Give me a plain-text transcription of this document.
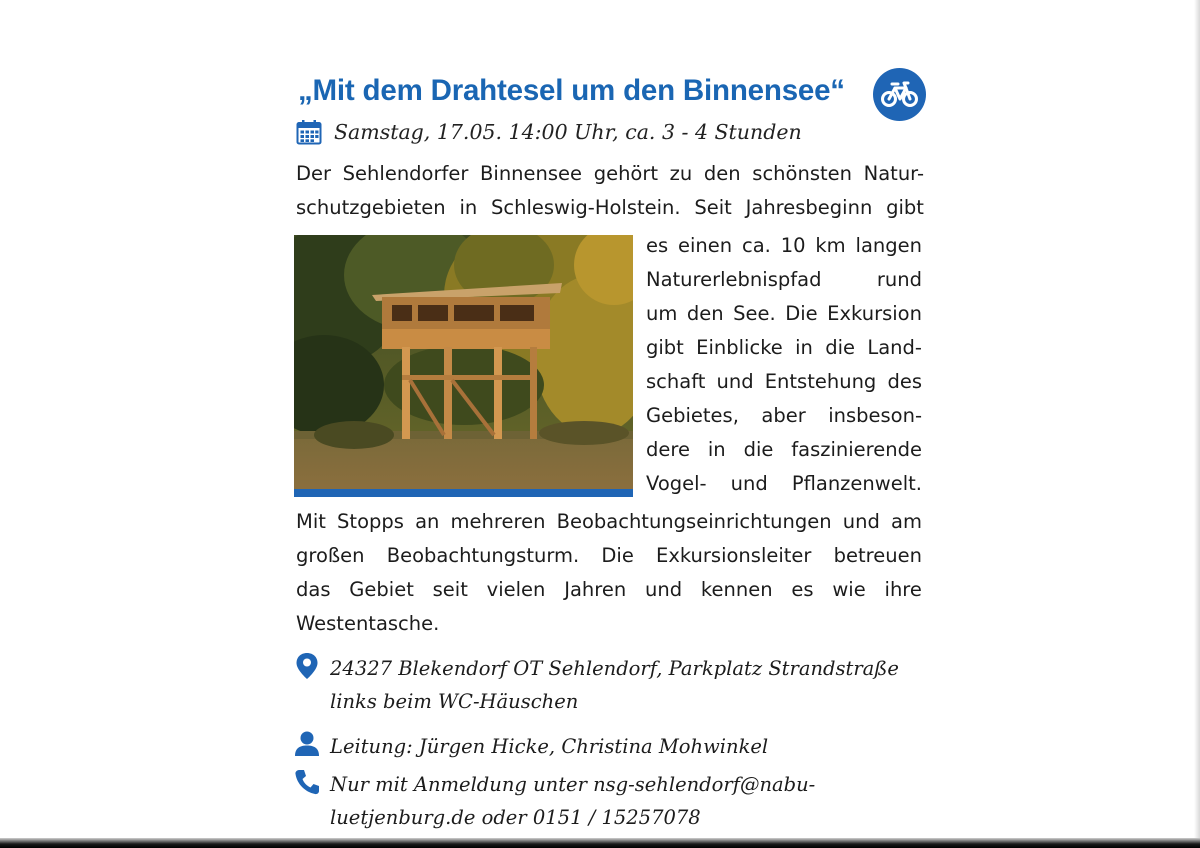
„Mit dem Drahtesel um den Binnensee“
Samstag, 17.05. 14:00 Uhr, ca. 3 - 4 Stunden
Der Sehlendorfer Binnensee gehört zu den schönsten Natur-
schutzgebieten in Schleswig-Holstein. Seit Jahresbeginn gibt
es einen ca. 10 km langen
Naturerlebnispfad	rund
um den See. Die Exkursion
gibt Einblicke in die Land-
schaft und Entstehung des
Gebietes, aber insbeson-
dere in die faszinierende
Vogel- und Pflanzenwelt.
Mit Stopps an mehreren Beobachtungseinrichtungen und am
großen Beobachtungsturm. Die Exkursionsleiter betreuen
das Gebiet seit vielen Jahren und kennen es wie ihre
Westentasche.
24327 Blekendorf OT Sehlendorf, Parkplatz Strandstraße
links beim WC-Häuschen
Leitung: Jürgen Hicke, Christina Mohwinkel
Nur mit Anmeldung unter nsg-sehlendorf@nabu-
luetjenburg.de oder 0151 / 15257078
